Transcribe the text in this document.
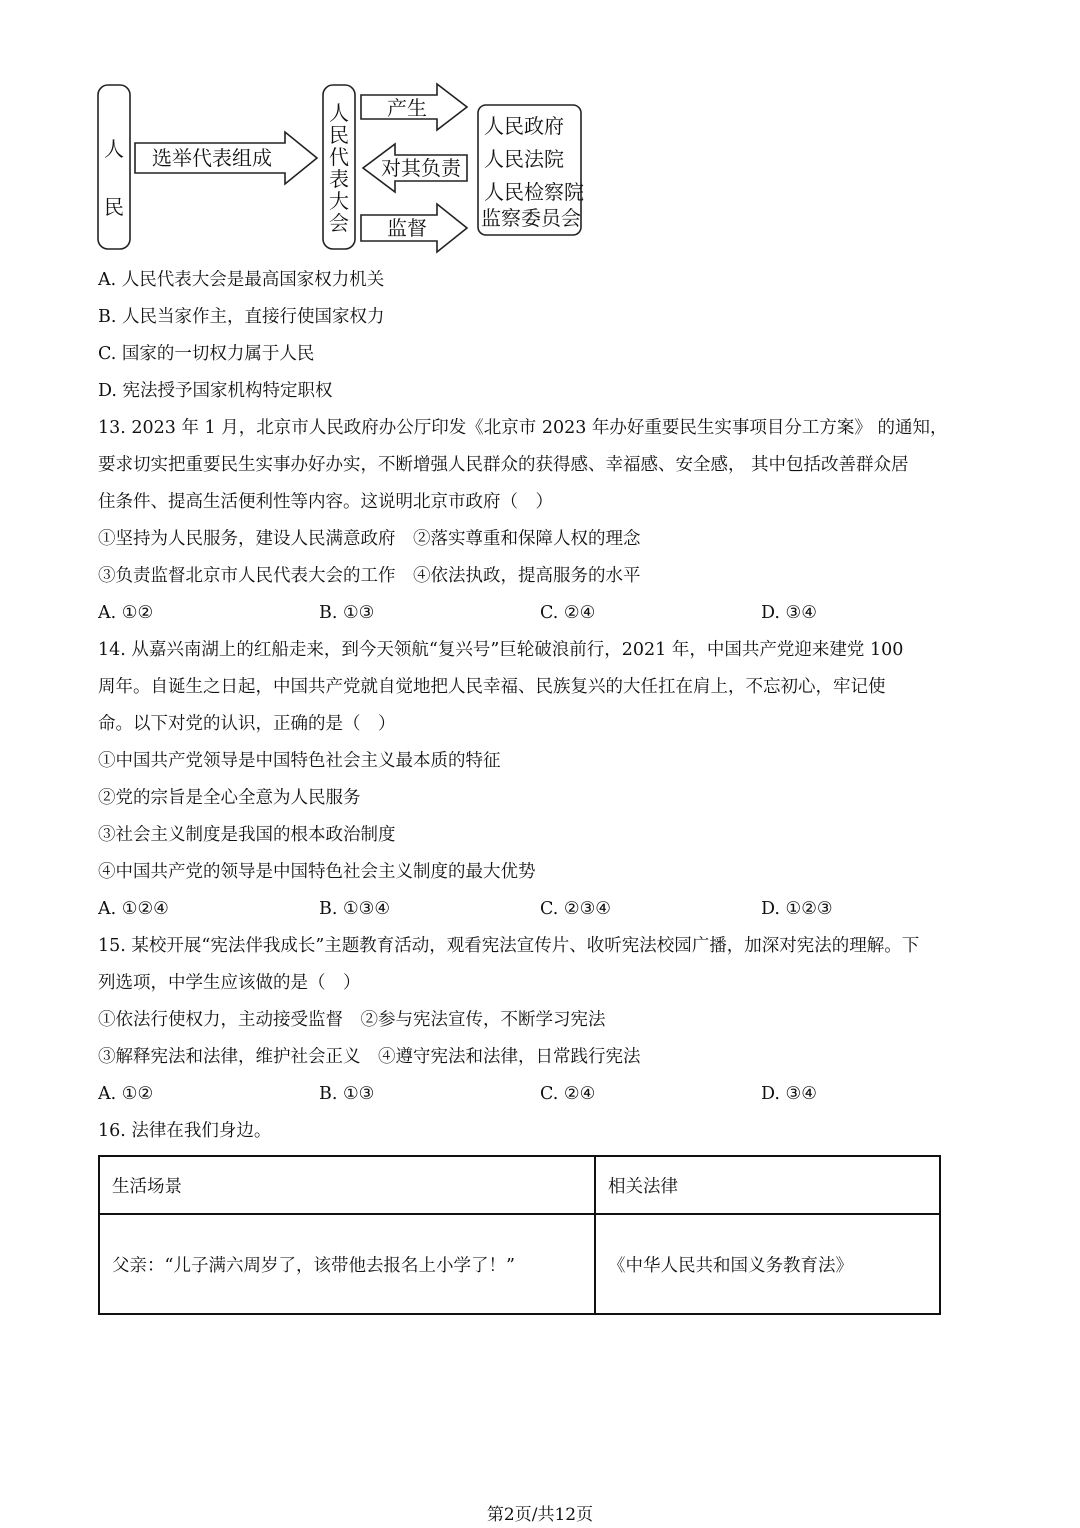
人
民
选举代表组成
人
民
代
表
大
会
产生
对其负责
监督
人民政府
人民法院
人民检察院
监察委员会
A. 人民代表大会是最高国家权力机关
B. 人民当家作主，直接行使国家权力
C. 国家的一切权力属于人民
D. 宪法授予国家机构特定职权
13. 2023 年 1 月，北京市人民政府办公厅印发《北京市 2023 年办好重要民生实事项目分工方案》 的通知，
要求切实把重要民生实事办好办实，不断增强人民群众的获得感、幸福感、安全感， 其中包括改善群众居
住条件、提高生活便利性等内容。这说明北京市政府（　）
①坚持为人民服务，建设人民满意政府　②落实尊重和保障人权的理念
③负责监督北京市人民代表大会的工作　④依法执政，提高服务的水平
A. ①②	B. ①③	C. ②④	D. ③④
14. 从嘉兴南湖上的红船走来，到今天领航“复兴号”巨轮破浪前行，2021 年，中国共产党迎来建党 100
周年。自诞生之日起，中国共产党就自觉地把人民幸福、民族复兴的大任扛在肩上，不忘初心，牢记使
命。以下对党的认识，正确的是（　）
①中国共产党领导是中国特色社会主义最本质的特征
②党的宗旨是全心全意为人民服务
③社会主义制度是我国的根本政治制度
④中国共产党的领导是中国特色社会主义制度的最大优势
A. ①②④	B. ①③④	C. ②③④	D. ①②③
15. 某校开展“宪法伴我成长”主题教育活动，观看宪法宣传片、收听宪法校园广播，加深对宪法的理解。下
列选项，中学生应该做的是（　）
①依法行使权力，主动接受监督　②参与宪法宣传，不断学习宪法
③解释宪法和法律，维护社会正义　④遵守宪法和法律，日常践行宪法
A. ①②	B. ①③	C. ②④	D. ③④
16. 法律在我们身边。
生活场景	相关法律
父亲：“儿子满六周岁了，该带他去报名上小学了！”	《中华人民共和国义务教育法》
第2页/共12页
